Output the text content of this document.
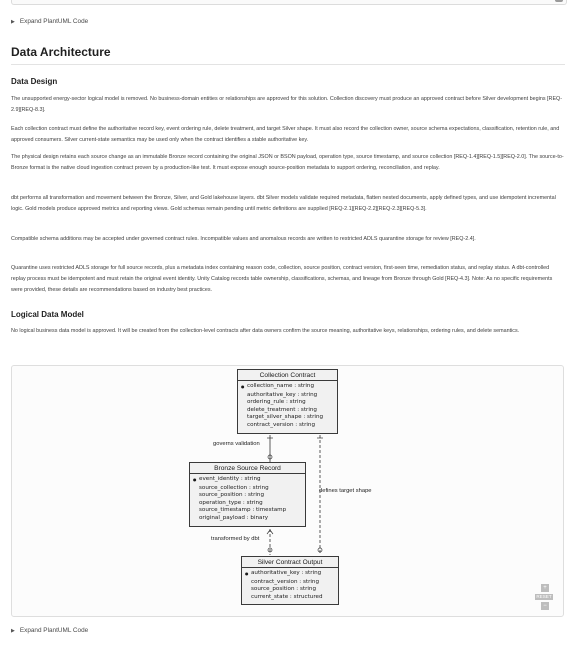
▶ Expand PlantUML Code
Data Architecture
Data Design

The unsupported energy-sector logical model is removed. No business-domain entities or relationships are approved for this solution. Collection discovery must produce an approved contract before Silver development begins [REQ-2.9][REQ-8.3].

Each collection contract must define the authoritative record key, event ordering rule, delete treatment, and target Silver shape. It must also record the collection owner, source schema expectations, classification, retention rule, and approved consumers. Silver current-state semantics may be used only when the contract identifies a stable authoritative key.

The physical design retains each source change as an immutable Bronze record containing the original JSON or BSON payload, operation type, source timestamp, and source collection [REQ-1.4][REQ-1.5][REQ-2.0]. The source-to-Bronze format is the native cloud ingestion contract proven by a production-like test. It must expose enough source-position metadata to support ordering, reconciliation, and replay.

dbt performs all transformation and movement between the Bronze, Silver, and Gold lakehouse layers. dbt Silver models validate required metadata, flatten nested documents, apply defined types, and use idempotent incremental logic. Gold models produce approved metrics and reporting views. Gold schemas remain pending until metric definitions are supplied [REQ-2.1][REQ-2.2][REQ-2.3][REQ-5.3].

Compatible schema additions may be accepted under governed contract rules. Incompatible values and anomalous records are written to restricted ADLS quarantine storage for review [REQ-2.4].

Quarantine uses restricted ADLS storage for full source records, plus a metadata index containing reason code, collection, source position, contract version, first-seen time, remediation status, and replay status. A dbt-controlled replay process must be idempotent and must retain the original event identity. Unity Catalog records table ownership, classifications, schemas, and lineage from Bronze through Gold [REQ-4.3]. Note: As no specific requirements were provided, these details are recommendations based on industry best practices.

Logical Data Model

No logical business data model is approved. It will be created from the collection-level contracts after data owners confirm the source meaning, authoritative keys, relationships, ordering rules, and delete semantics.

Collection Contract
●
collection_name : string
authoritative_key : string
ordering_rule : string
delete_treatment : string
target_silver_shape : string
contract_version : string
governs validation
Bronze Source Record
●
event_identity : string
source_collection : string
source_position : string
operation_type : string
source_timestamp : timestamp
original_payload : binary
defines target shape
transformed by dbt
Silver Contract Output
●
authoritative_key : string
contract_version : string
source_position : string
current_state : structured
+
RESET
−
▶ Expand PlantUML Code
